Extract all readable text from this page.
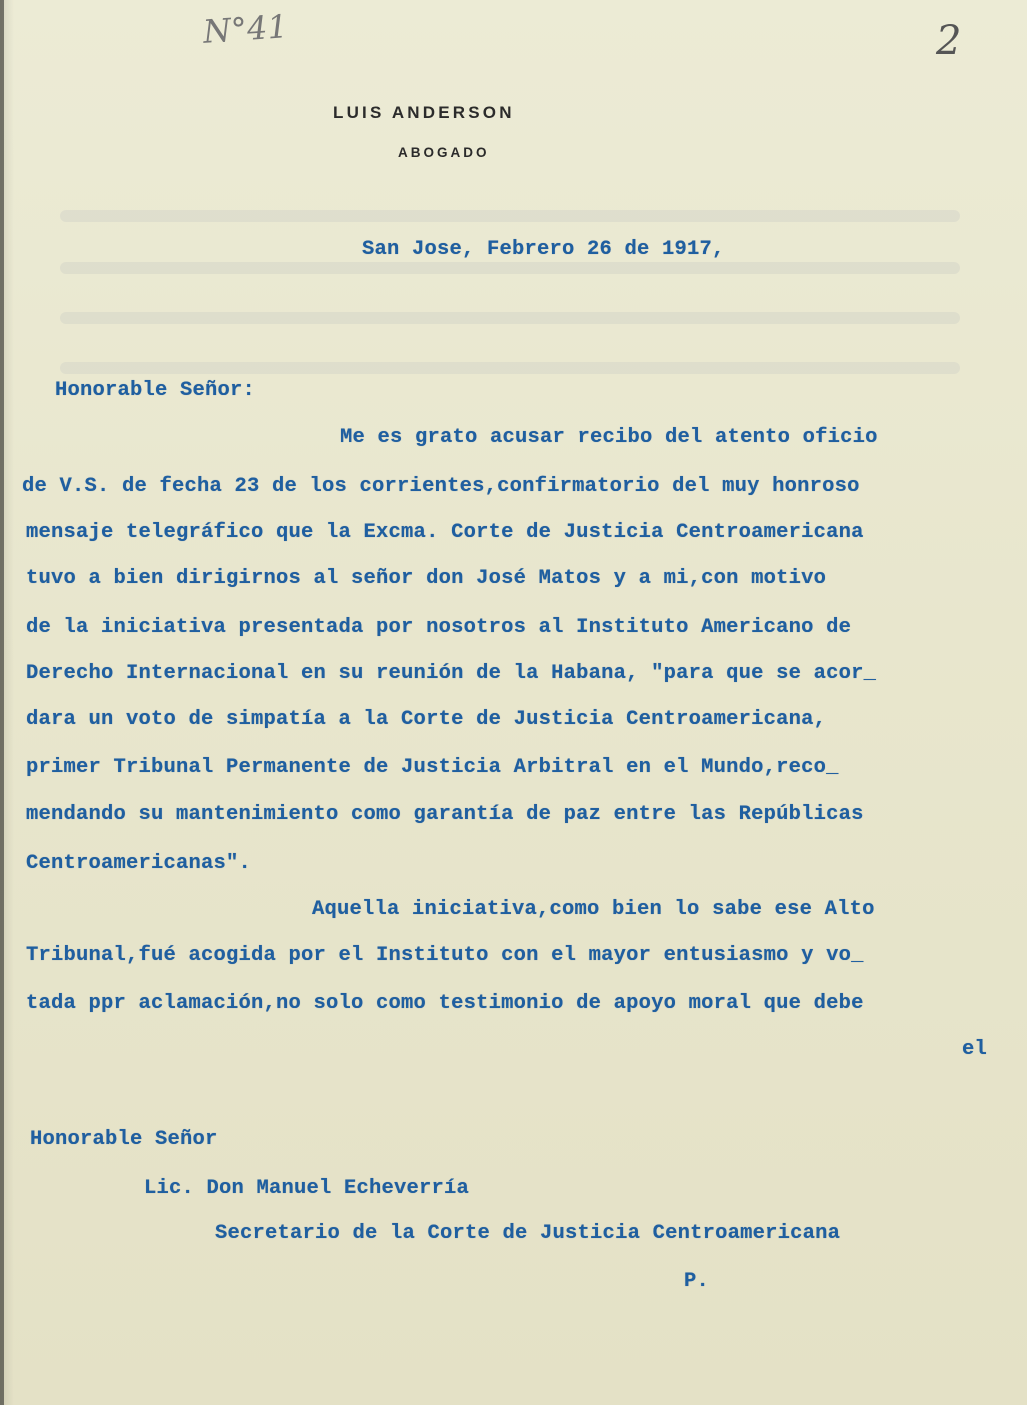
N°41	2
LUIS ANDERSON
ABOGADO
San Jose, Febrero 26 de 1917,
Honorable Señor:
Me es grato acusar recibo del atento oficio
de V.S. de fecha 23 de los corrientes,confirmatorio del muy honroso
mensaje telegráfico que la Excma. Corte de Justicia Centroamericana
tuvo a bien dirigirnos al señor don José Matos y a mi,con motivo
de la iniciativa presentada por nosotros al Instituto Americano de
Derecho Internacional en su reunión de la Habana, "para que se acor_
dara un voto de simpatía a la Corte de Justicia Centroamericana,
primer Tribunal Permanente de Justicia Arbitral en el Mundo,reco_
mendando su mantenimiento como garantía de paz entre las Repúblicas
Centroamericanas".
Aquella iniciativa,como bien lo sabe ese Alto
Tribunal,fué acogida por el Instituto con el mayor entusiasmo y vo_
tada ppr aclamación,no solo como testimonio de apoyo moral que debe
el
Honorable Señor
Lic. Don Manuel Echeverría
Secretario de la Corte de Justicia Centroamericana
P.
